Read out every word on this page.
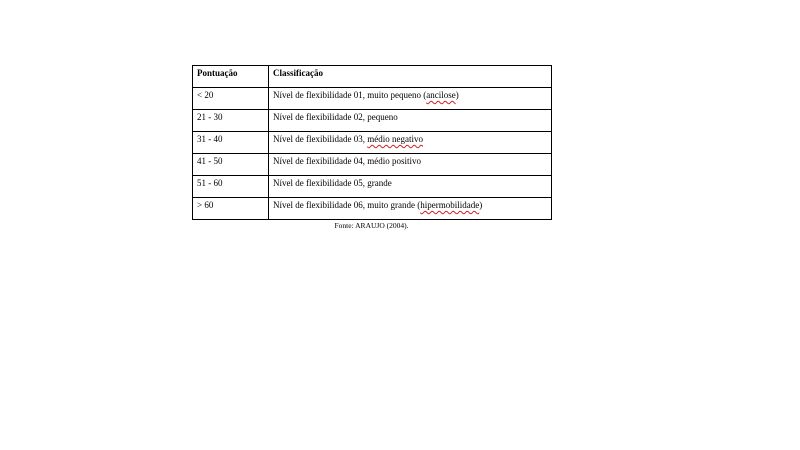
Pontuação	Classificação
< 20	Nível de flexibilidade 01, muito pequeno (ancilose)
21 - 30	Nível de flexibilidade 02, pequeno
31 - 40	Nível de flexibilidade 03, médio negativo
41 - 50	Nível de flexibilidade 04, médio positivo
51 - 60	Nível de flexibilidade 05, grande
> 60	Nível de flexibilidade 06, muito grande (hipermobilidade)
Fonte: ARAUJO (2004).
